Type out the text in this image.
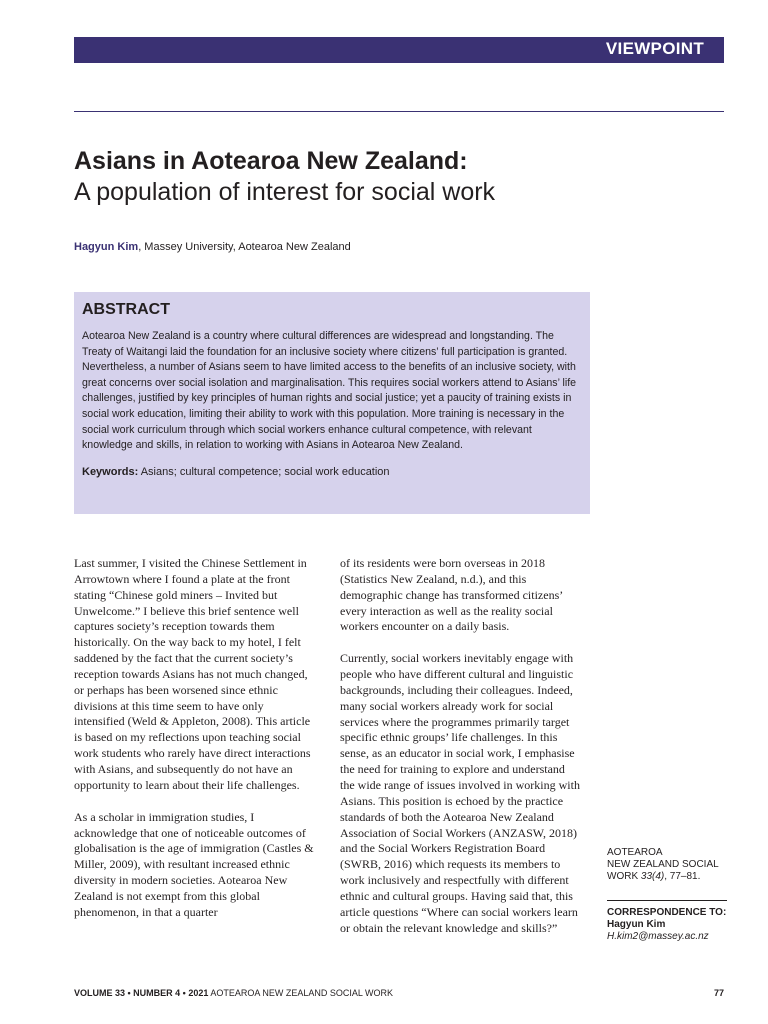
VIEWPOINT
Asians in Aotearoa New Zealand:
A population of interest for social work
Hagyun Kim, Massey University, Aotearoa New Zealand
ABSTRACT

Aotearoa New Zealand is a country where cultural differences are widespread and longstanding. The Treaty of Waitangi laid the foundation for an inclusive society where citizens’ full participation is granted. Nevertheless, a number of Asians seem to have limited access to the benefits of an inclusive society, with great concerns over social isolation and marginalisation. This requires social workers attend to Asians’ life challenges, justified by key principles of human rights and social justice; yet a paucity of training exists in social work education, limiting their ability to work with this population. More training is necessary in the social work curriculum through which social workers enhance cultural competence, with relevant knowledge and skills, in relation to working with Asians in Aotearoa New Zealand.

Keywords: Asians; cultural competence; social work education

Last summer, I visited the Chinese Settlement in Arrowtown where I found a plate at the front stating “Chinese gold miners – Invited but Unwelcome.” I believe this brief sentence well captures society’s reception towards them historically. On the way back to my hotel, I felt saddened by the fact that the current society’s reception towards Asians has not much changed, or perhaps has been worsened since ethnic divisions at this time seem to have only intensified (Weld & Appleton, 2008). This article is based on my reflections upon teaching social work students who rarely have direct interactions with Asians, and subsequently do not have an opportunity to learn about their life challenges.

As a scholar in immigration studies, I acknowledge that one of noticeable outcomes of globalisation is the age of immigration (Castles & Miller, 2009), with resultant increased ethnic diversity in modern societies. Aotearoa New Zealand is not exempt from this global phenomenon, in that a quarter

of its residents were born overseas in 2018 (Statistics New Zealand, n.d.), and this demographic change has transformed citizens’ every interaction as well as the reality social workers encounter on a daily basis.

Currently, social workers inevitably engage with people who have different cultural and linguistic backgrounds, including their colleagues. Indeed, many social workers already work for social services where the programmes primarily target specific ethnic groups’ life challenges. In this sense, as an educator in social work, I emphasise the need for training to explore and understand the wide range of issues involved in working with Asians. This position is echoed by the practice standards of both the Aotearoa New Zealand Association of Social Workers (ANZASW, 2018) and the Social Workers Registration Board (SWRB, 2016) which requests its members to work inclusively and respectfully with different ethnic and cultural groups. Having said that, this article questions “Where can social workers learn or obtain the relevant knowledge and skills?”

AOTEAROA
NEW ZEALAND SOCIAL
WORK 33(4), 77–81.
CORRESPONDENCE TO:
Hagyun Kim
H.kim2@massey.ac.nz
VOLUME 33 • NUMBER 4 • 2021 AOTEAROA NEW ZEALAND SOCIAL WORK	77
